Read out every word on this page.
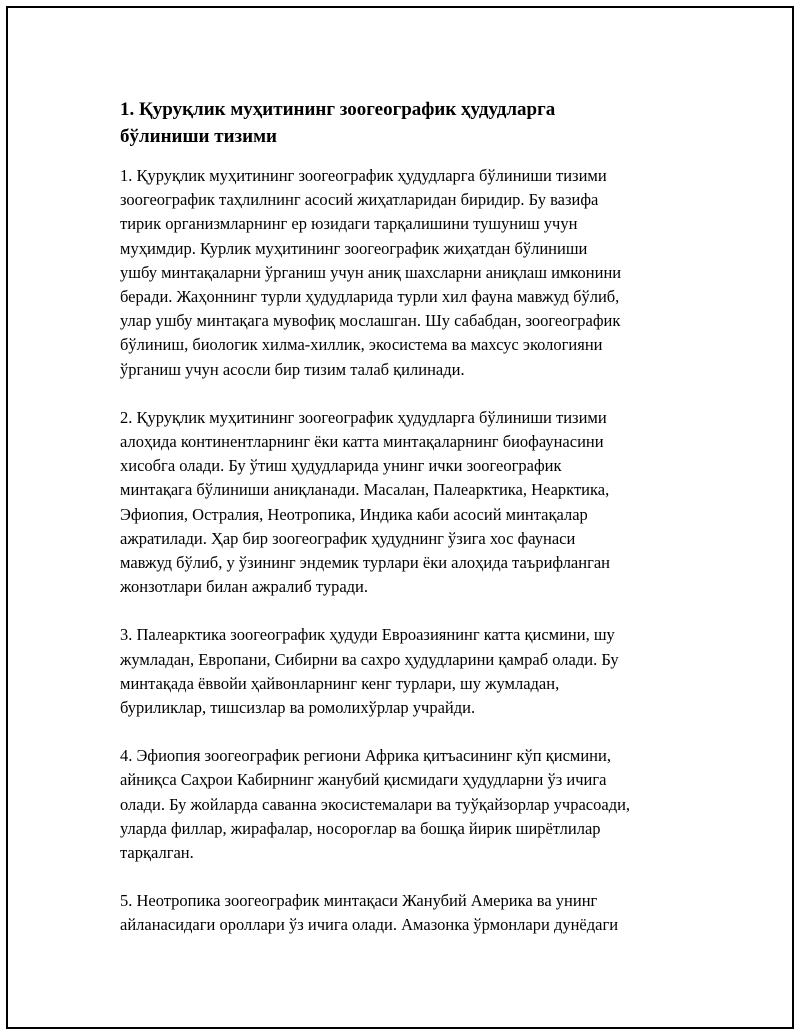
1. Қуруқлик муҳитининг зоогеографик ҳудудларга
бўлиниши тизими

1. Қуруқлик муҳитининг зоогеографик ҳудудларга бўлиниши тизими
зоогеографик таҳлилнинг асосий жиҳатларидан биридир. Бу вазифа
тирик организмларнинг ер юзидаги тарқалишини тушуниш учун
муҳимдир. Курлик муҳитининг зоогеографик жиҳатдан бўлиниши
ушбу минтақаларни ўрганиш учун аниқ шахсларни аниқлаш имконини
беради. Жаҳоннинг турли ҳудудларида турли хил фауна мавжуд бўлиб,
улар ушбу минтақага мувофиқ мослашган. Шу сабабдан, зоогеографик
бўлиниш, биологик хилма-хиллик, экосистема ва махсус экологияни
ўрганиш учун асосли бир тизим талаб қилинади.

2. Қуруқлик муҳитининг зоогеографик ҳудудларга бўлиниши тизими
алоҳида континентларнинг ёки катта минтақаларнинг биофаунасини
хисобга олади. Бу ўтиш ҳудудларида унинг ички зоогеографик
минтақага бўлиниши аниқланади. Масалан, Палеарктика, Неарктика,
Эфиопия, Остралия, Неотропика, Индика каби асосий минтақалар
ажратилади. Ҳар бир зоогеографик ҳудуднинг ўзига хос фаунаси
мавжуд бўлиб, у ўзининг эндемик турлари ёки алоҳида таърифланган
жонзотлари билан ажралиб туради.

3. Палеарктика зоогеографик ҳудуди Евроазиянинг катта қисмини, шу
жумладан, Европани, Сибирни ва сахро ҳудудларини қамраб олади. Бу
минтақада ёввойи ҳайвонларнинг кенг турлари, шу жумладан,
буриликлар, тишсизлар ва ромолихўрлар учрайди.

4. Эфиопия зоогеографик региони Африка қитъасининг кўп қисмини,
айниқса Саҳрои Кабирнинг жанубий қисмидаги ҳудудларни ўз ичига
олади. Бу жойларда саванна экосистемалари ва туўқайзорлар учрасоади,
уларда филлар, жирафалар, носороғлар ва бошқа йирик ширётлилар
тарқалган.

5. Неотропика зоогеографик минтақаси Жанубий Америка ва унинг
айланасидаги ороллари ўз ичига олади. Амазонка ўрмонлари дунёдаги
